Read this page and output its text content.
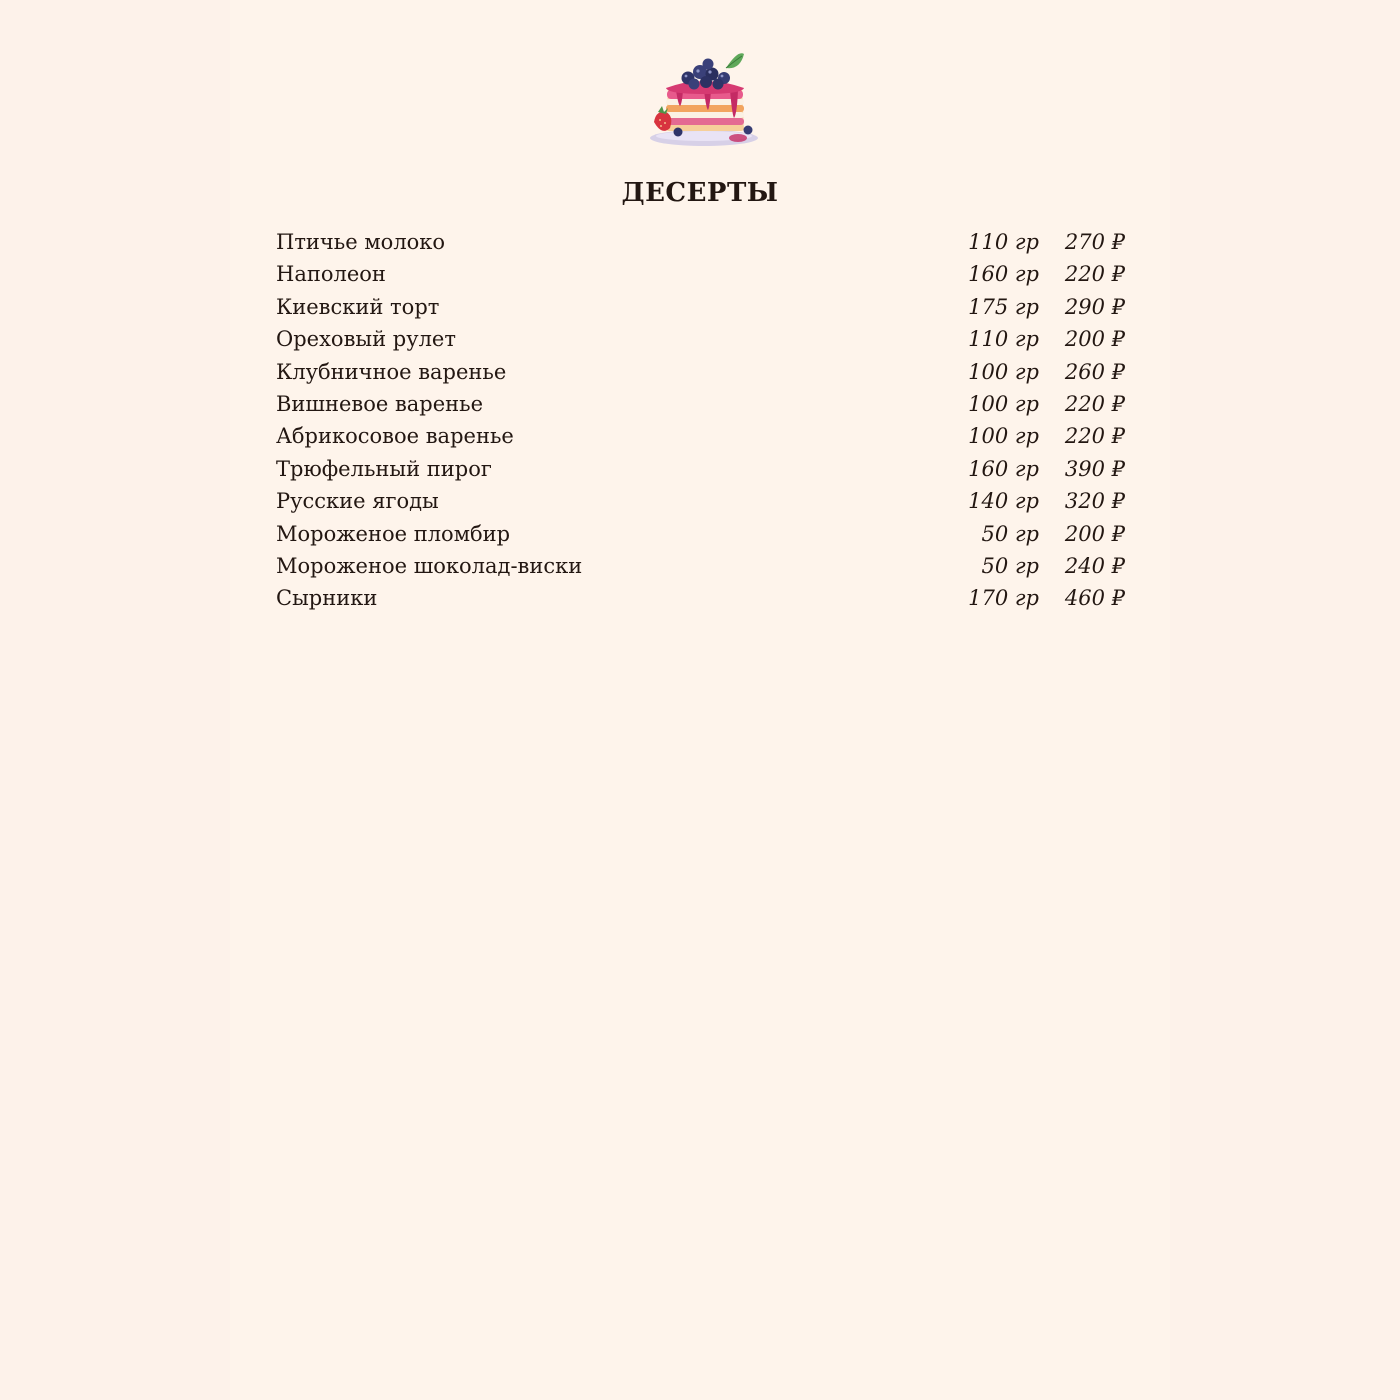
ДЕСЕРТЫ
Птичье молоко	110 гр 270 ₽
Наполеон	160 гр 220 ₽
Киевский торт	175 гр 290 ₽
Ореховый рулет	110 гр 200 ₽
Клубничное варенье	100 гр 260 ₽
Вишневое варенье	100 гр 220 ₽
Абрикосовое варенье	100 гр 220 ₽
Трюфельный пирог	160 гр 390 ₽
Русские ягоды	140 гр 320 ₽
Мороженое пломбир	50 гр 200 ₽
Мороженое шоколад-виски	50 гр 240 ₽
Сырники	170 гр 460 ₽
